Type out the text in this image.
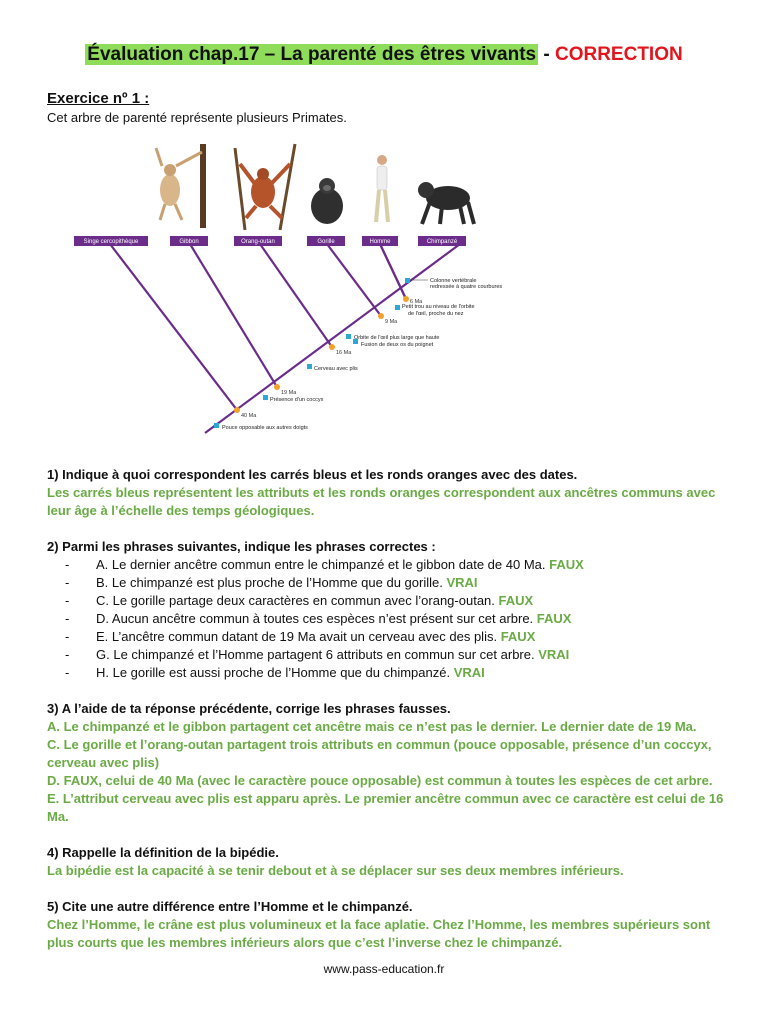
Évaluation chap.17 – La parenté des êtres vivants - CORRECTION
Exercice nº 1 :
Cet arbre de parenté représente plusieurs Primates.
Singe cercopithèque	Gibbon	Orang-outan	Gorille	Homme	Chimpanzé
40 Ma
19 Ma
16 Ma
9 Ma
6 Ma
Pouce opposable aux autres doigts
Présence d'un coccyx
Cerveau avec plis
Orbite de l'œil plus large que haute
Fusion de deux os du poignet
Petit trou au niveau de l'orbite
de l'œil, proche du nez
Colonne vertébrale
redressée à quatre courbures
1) Indique à quoi correspondent les carrés bleus et les ronds oranges avec des dates.
Les carrés bleus représentent les attributs et les ronds oranges correspondent aux ancêtres communs avec leur âge à l’échelle des temps géologiques.
2) Parmi les phrases suivantes, indique les phrases correctes :
- A. Le dernier ancêtre commun entre le chimpanzé et le gibbon date de 40 Ma. FAUX
- B. Le chimpanzé est plus proche de l’Homme que du gorille. VRAI
- C. Le gorille partage deux caractères en commun avec l’orang-outan. FAUX
- D. Aucun ancêtre commun à toutes ces espèces n’est présent sur cet arbre. FAUX
- E. L’ancêtre commun datant de 19 Ma avait un cerveau avec des plis. FAUX
- G. Le chimpanzé et l’Homme partagent 6 attributs en commun sur cet arbre. VRAI
- H. Le gorille est aussi proche de l’Homme que du chimpanzé. VRAI
3) A l’aide de ta réponse précédente, corrige les phrases fausses.
A. Le chimpanzé et le gibbon partagent cet ancêtre mais ce n’est pas le dernier. Le dernier date de 19 Ma.
C. Le gorille et l’orang-outan partagent trois attributs en commun (pouce opposable, présence d’un coccyx, cerveau avec plis)
D. FAUX, celui de 40 Ma (avec le caractère pouce opposable) est commun à toutes les espèces de cet arbre.
E. L’attribut cerveau avec plis est apparu après. Le premier ancêtre commun avec ce caractère est celui de 16 Ma.
4) Rappelle la définition de la bipédie.
La bipédie est la capacité à se tenir debout et à se déplacer sur ses deux membres inférieurs.
5) Cite une autre différence entre l’Homme et le chimpanzé.
Chez l’Homme, le crâne est plus volumineux et la face aplatie. Chez l’Homme, les membres supérieurs sont plus courts que les membres inférieurs alors que c’est l’inverse chez le chimpanzé.
www.pass-education.fr
